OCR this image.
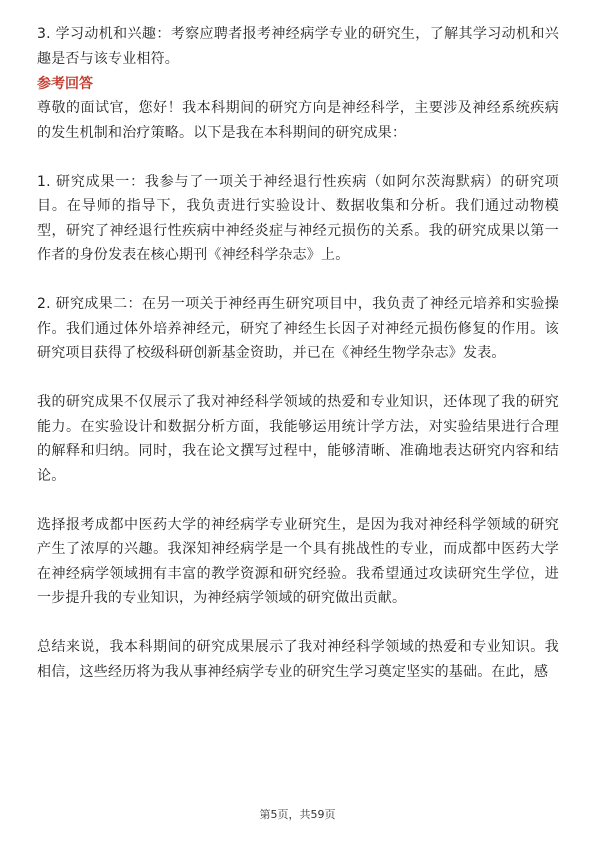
3. 学习动机和兴趣：考察应聘者报考神经病学专业的研究生，了解其学习动机和兴趣是否与该专业相符。

参考回答

尊敬的面试官，您好！我本科期间的研究方向是神经科学，主要涉及神经系统疾病的发生机制和治疗策略。以下是我在本科期间的研究成果：

1. 研究成果一：我参与了一项关于神经退行性疾病（如阿尔茨海默病）的研究项目。在导师的指导下，我负责进行实验设计、数据收集和分析。我们通过动物模型，研究了神经退行性疾病中神经炎症与神经元损伤的关系。我的研究成果以第一作者的身份发表在核心期刊《神经科学杂志》上。

2. 研究成果二：在另一项关于神经再生研究项目中，我负责了神经元培养和实验操作。我们通过体外培养神经元，研究了神经生长因子对神经元损伤修复的作用。该研究项目获得了校级科研创新基金资助，并已在《神经生物学杂志》发表。

我的研究成果不仅展示了我对神经科学领域的热爱和专业知识，还体现了我的研究能力。在实验设计和数据分析方面，我能够运用统计学方法，对实验结果进行合理的解释和归纳。同时，我在论文撰写过程中，能够清晰、准确地表达研究内容和结论。

选择报考成都中医药大学的神经病学专业研究生，是因为我对神经科学领域的研究产生了浓厚的兴趣。我深知神经病学是一个具有挑战性的专业，而成都中医药大学在神经病学领域拥有丰富的教学资源和研究经验。我希望通过攻读研究生学位，进一步提升我的专业知识，为神经病学领域的研究做出贡献。

总结来说，我本科期间的研究成果展示了我对神经科学领域的热爱和专业知识。我相信，这些经历将为我从事神经病学专业的研究生学习奠定坚实的基础。在此，感

第5页，共59页
